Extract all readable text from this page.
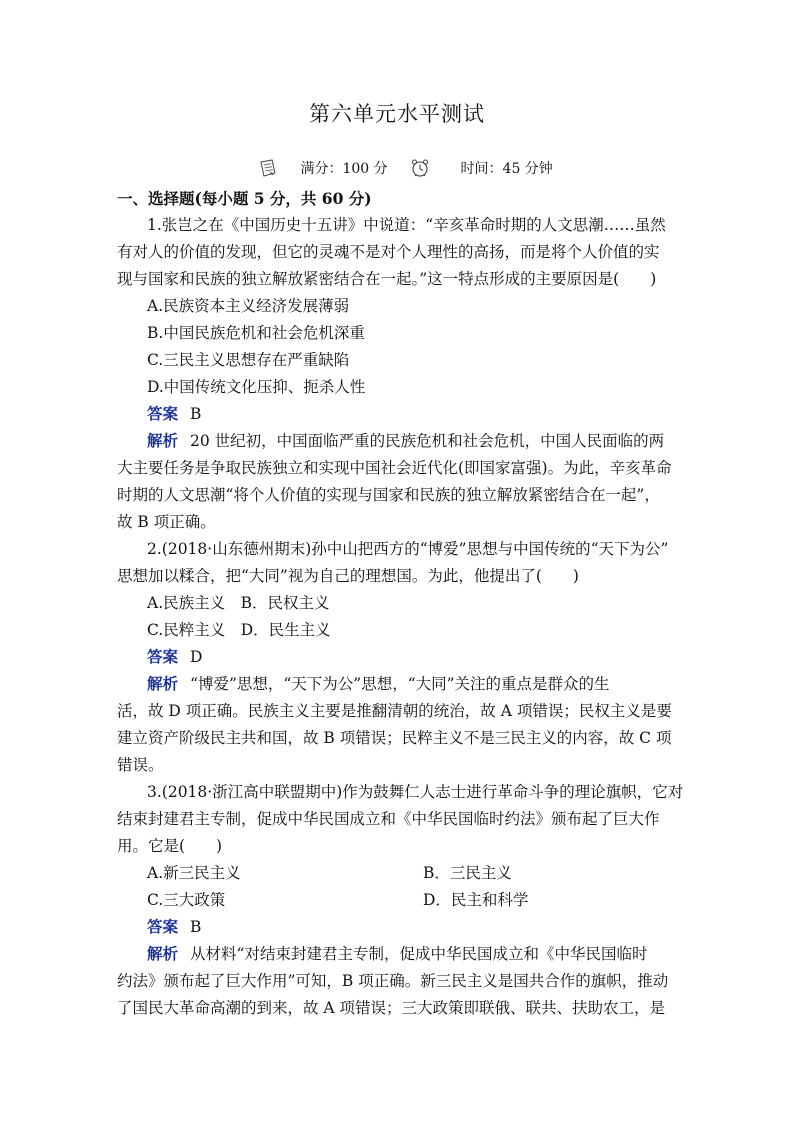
第六单元水平测试
满分：100 分	时间：45 分钟
一、选择题(每小题 5 分，共 60 分)
1.张岂之在《中国历史十五讲》中说道：“辛亥革命时期的人文思潮……虽然
有对人的价值的发现，但它的灵魂不是对个人理性的高扬，而是将个人价值的实
现与国家和民族的独立解放紧密结合在一起。”这一特点形成的主要原因是(　　)
A.民族资本主义经济发展薄弱
B.中国民族危机和社会危机深重
C.三民主义思想存在严重缺陷
D.中国传统文化压抑、扼杀人性
答案 B
解析 20 世纪初，中国面临严重的民族危机和社会危机，中国人民面临的两
大主要任务是争取民族独立和实现中国社会近代化(即国家富强)。为此，辛亥革命
时期的人文思潮“将个人价值的实现与国家和民族的独立解放紧密结合在一起”，
故 B 项正确。
2.(2018·山东德州期末)孙中山把西方的“博爱”思想与中国传统的“天下为公”
思想加以糅合，把“大同”视为自己的理想国。为此，他提出了(　　)
A.民族主义　B．民权主义
C.民粹主义　D．民生主义
答案 D
解析 “博爱”思想，“天下为公”思想，“大同”关注的重点是群众的生
活，故 D 项正确。民族主义主要是推翻清朝的统治，故 A 项错误；民权主义是要
建立资产阶级民主共和国，故 B 项错误；民粹主义不是三民主义的内容，故 C 项
错误。
3.(2018·浙江高中联盟期中)作为鼓舞仁人志士进行革命斗争的理论旗帜，它对
结束封建君主专制，促成中华民国成立和《中华民国临时约法》颁布起了巨大作
用。它是(　　)
A.新三民主义	B．三民主义
C.三大政策	D．民主和科学
答案 B
解析 从材料“对结束封建君主专制，促成中华民国成立和《中华民国临时
约法》颁布起了巨大作用”可知，B 项正确。新三民主义是国共合作的旗帜，推动
了国民大革命高潮的到来，故 A 项错误；三大政策即联俄、联共、扶助农工，是
